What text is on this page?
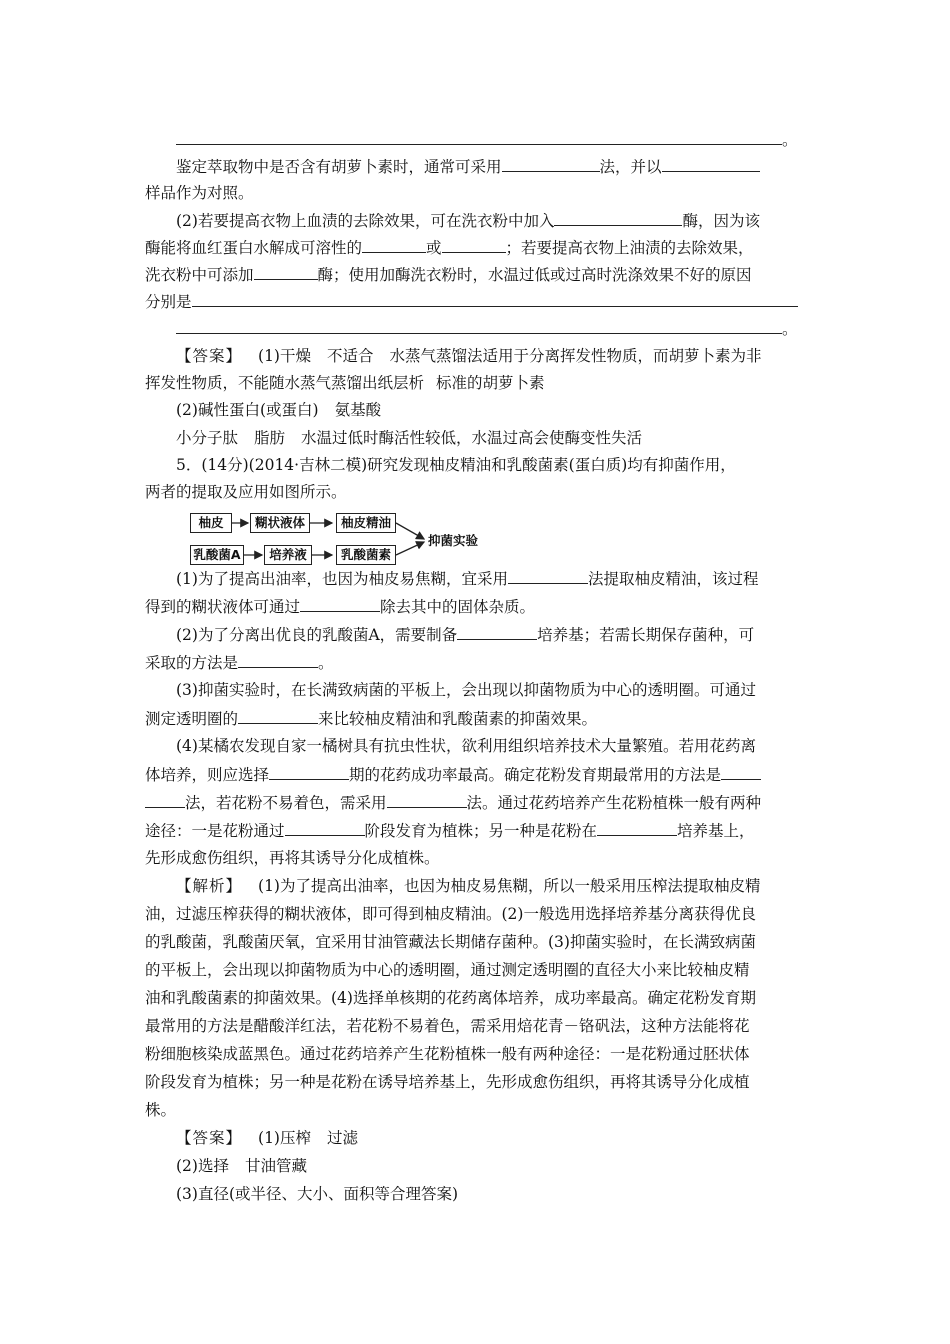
。
鉴定萃取物中是否含有胡萝卜素时，通常可采用	法，并以
样品作为对照。
(2)若要提高衣物上血渍的去除效果，可在洗衣粉中加入	酶，因为该
酶能将血红蛋白水解成可溶性的	或	；若要提高衣物上油渍的去除效果，
洗衣粉中可添加	酶；使用加酶洗衣粉时，水温过低或过高时洗涤效果不好的原因
分别是
。
【答案】 (1)干燥 不适合 水蒸气蒸馏法适用于分离挥发性物质，而胡萝卜素为非
挥发性物质，不能随水蒸气蒸馏出纸层析 标准的胡萝卜素
(2)碱性蛋白(或蛋白) 氨基酸
小分子肽 脂肪 水温过低时酶活性较低，水温过高会使酶变性失活
5．(14分)(2014·吉林二模)研究发现柚皮精油和乳酸菌素(蛋白质)均有抑菌作用，
两者的提取及应用如图所示。
柚皮	糊状液体	柚皮精油
乳酸菌A	培养液	乳酸菌素
抑菌实验
(1)为了提高出油率，也因为柚皮易焦糊，宜采用	法提取柚皮精油，该过程
得到的糊状液体可通过	除去其中的固体杂质。
(2)为了分离出优良的乳酸菌A，需要制备	培养基；若需长期保存菌种，可
采取的方法是	。
(3)抑菌实验时，在长满致病菌的平板上，会出现以抑菌物质为中心的透明圈。可通过
测定透明圈的	来比较柚皮精油和乳酸菌素的抑菌效果。
(4)某橘农发现自家一橘树具有抗虫性状，欲利用组织培养技术大量繁殖。若用花药离
体培养，则应选择	期的花药成功率最高。确定花粉发育期最常用的方法是
法，若花粉不易着色，需采用	法。通过花药培养产生花粉植株一般有两种
途径：一是花粉通过	阶段发育为植株；另一种是花粉在	培养基上，
先形成愈伤组织，再将其诱导分化成植株。
【解析】 (1)为了提高出油率，也因为柚皮易焦糊，所以一般采用压榨法提取柚皮精
油，过滤压榨获得的糊状液体，即可得到柚皮精油。(2)一般选用选择培养基分离获得优良
的乳酸菌，乳酸菌厌氧，宜采用甘油管藏法长期储存菌种。(3)抑菌实验时，在长满致病菌
的平板上，会出现以抑菌物质为中心的透明圈，通过测定透明圈的直径大小来比较柚皮精
油和乳酸菌素的抑菌效果。(4)选择单核期的花药离体培养，成功率最高。确定花粉发育期
最常用的方法是醋酸洋红法，若花粉不易着色，需采用焙花青－铬矾法，这种方法能将花
粉细胞核染成蓝黑色。通过花药培养产生花粉植株一般有两种途径：一是花粉通过胚状体
阶段发育为植株；另一种是花粉在诱导培养基上，先形成愈伤组织，再将其诱导分化成植
株。
【答案】 (1)压榨 过滤
(2)选择 甘油管藏
(3)直径(或半径、大小、面积等合理答案)
